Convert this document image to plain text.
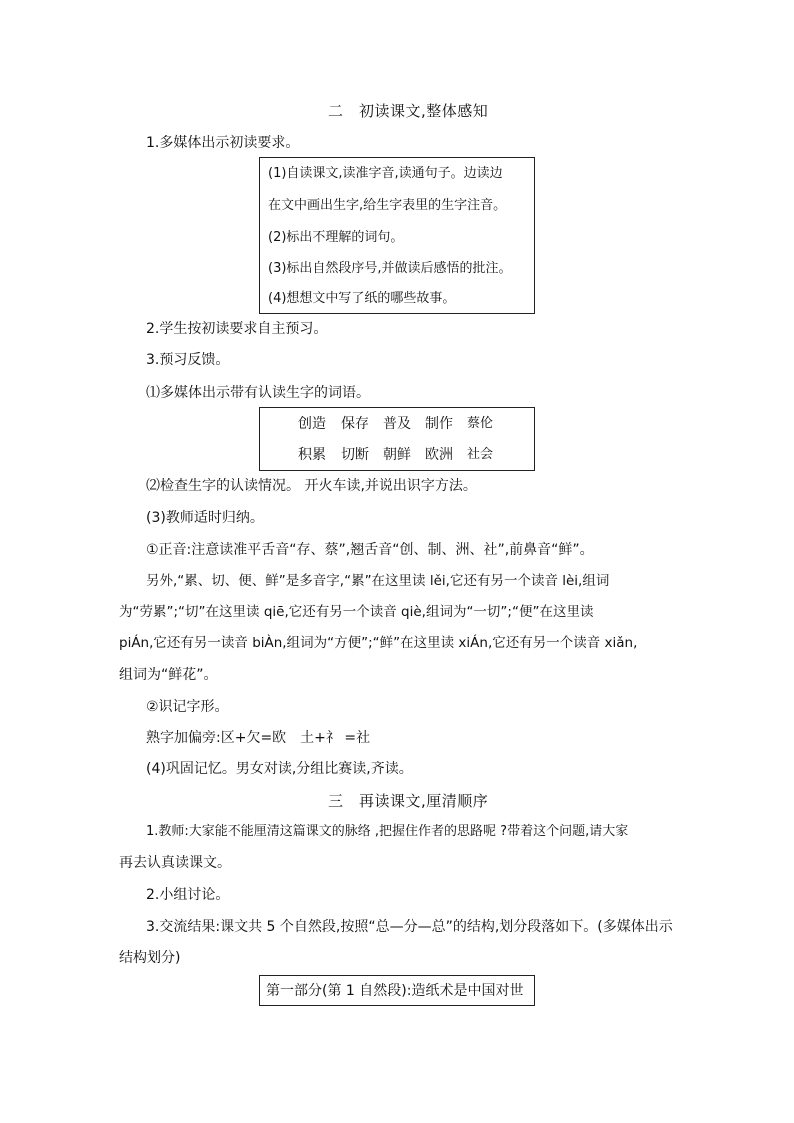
二　初读课文,整体感知
1.多媒体出示初读要求。
(1)自读课文,读准字音,读通句子。边读边
在文中画出生字,给生字表里的生字注音。
(2)标出不理解的词句。
(3)标出自然段序号,并做读后感悟的批注。
(4)想想文中写了纸的哪些故事。
2.学生按初读要求自主预习。
3.预习反馈。
⑴多媒体出示带有认读生字的词语。
创造 保存 普及 制作 蔡伦
积累 切断 朝鲜 欧洲 社会
⑵检查生字的认读情况。 开火车读,并说出识字方法。
(3)教师适时归纳。
①正音:注意读准平舌音“存、蔡”,翘舌音“创、制、洲、社”,前鼻音“鲜”。
另外,“累、切、便、鲜”是多音字,“累”在这里读 lěi,它还有另一个读音 lèi,组词
为“劳累”;“切”在这里读 qiē,它还有另一个读音 qiè,组词为“一切”;“便”在这里读
piÁn,它还有另一读音 biÀn,组词为“方便”;“鲜”在这里读 xiÁn,它还有另一个读音 xiǎn,
组词为“鲜花”。
②识记字形。
熟字加偏旁:区+欠=欧　土+礻 =社
(4)巩固记忆。男女对读,分组比赛读,齐读。
三　再读课文,厘清顺序
1.教师:大家能不能厘清这篇课文的脉络 ,把握住作者的思路呢 ?带着这个问题,请大家
再去认真读课文。
2.小组讨论。
3.交流结果:课文共 5 个自然段,按照“总—分—总”的结构,划分段落如下。(多媒体出示
结构划分)
第一部分(第 1 自然段):造纸术是中国对世
